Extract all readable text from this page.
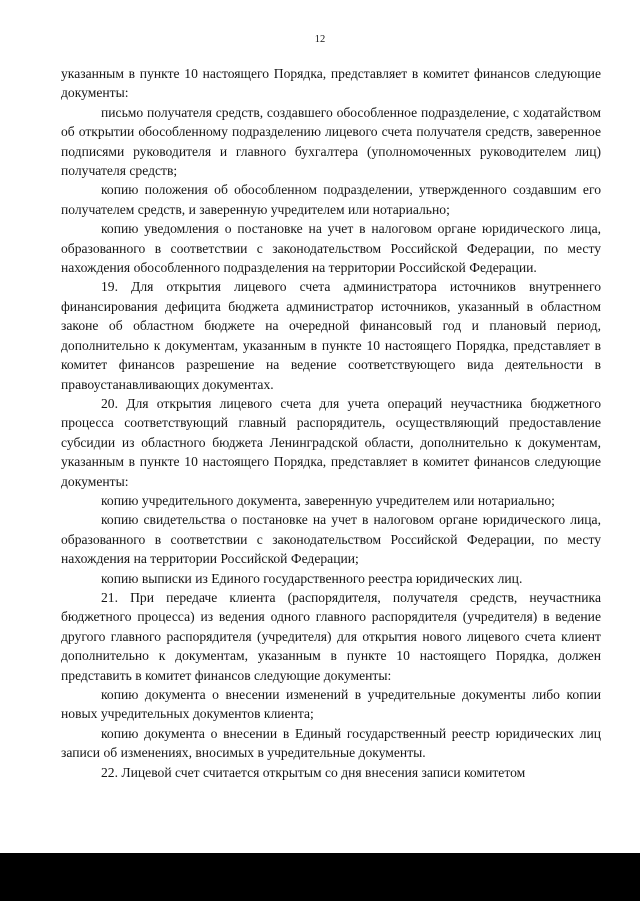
12

указанным в пункте 10 настоящего Порядка, представляет в комитет финансов следующие документы:

письмо получателя средств, создавшего обособленное подразделение, с ходатайством об открытии обособленному подразделению лицевого счета получателя средств, заверенное подписями руководителя и главного бухгалтера (уполномоченных руководителем лиц) получателя средств;

копию положения об обособленном подразделении, утвержденного создавшим его получателем средств, и заверенную учредителем или нотариально;

копию уведомления о постановке на учет в налоговом органе юридического лица, образованного в соответствии с законодательством Российской Федерации, по месту нахождения обособленного подразделения на территории Российской Федерации.

19. Для открытия лицевого счета администратора источников внутреннего финансирования дефицита бюджета администратор источников, указанный в областном законе об областном бюджете на очередной финансовый год и плановый период, дополнительно к документам, указанным в пункте 10 настоящего Порядка, представляет в комитет финансов разрешение на ведение соответствующего вида деятельности в правоустанавливающих документах.

20. Для открытия лицевого счета для учета операций неучастника бюджетного процесса соответствующий главный распорядитель, осуществляющий предоставление субсидии из областного бюджета Ленинградской области, дополнительно к документам, указанным в пункте 10 настоящего Порядка, представляет в комитет финансов следующие документы:

копию учредительного документа, заверенную учредителем или нотариально;

копию свидетельства о постановке на учет в налоговом органе юридического лица, образованного в соответствии с законодательством Российской Федерации, по месту нахождения на территории Российской Федерации;

копию выписки из Единого государственного реестра юридических лиц.

21. При передаче клиента (распорядителя, получателя средств, неучастника бюджетного процесса) из ведения одного главного распорядителя (учредителя) в ведение другого главного распорядителя (учредителя) для открытия нового лицевого счета клиент дополнительно к документам, указанным в пункте 10 настоящего Порядка, должен представить в комитет финансов следующие документы:

копию документа о внесении изменений в учредительные документы либо копии новых учредительных документов клиента;

копию документа о внесении в Единый государственный реестр юридических лиц записи об изменениях, вносимых в учредительные документы.

22. Лицевой счет считается открытым со дня внесения записи комитетом
